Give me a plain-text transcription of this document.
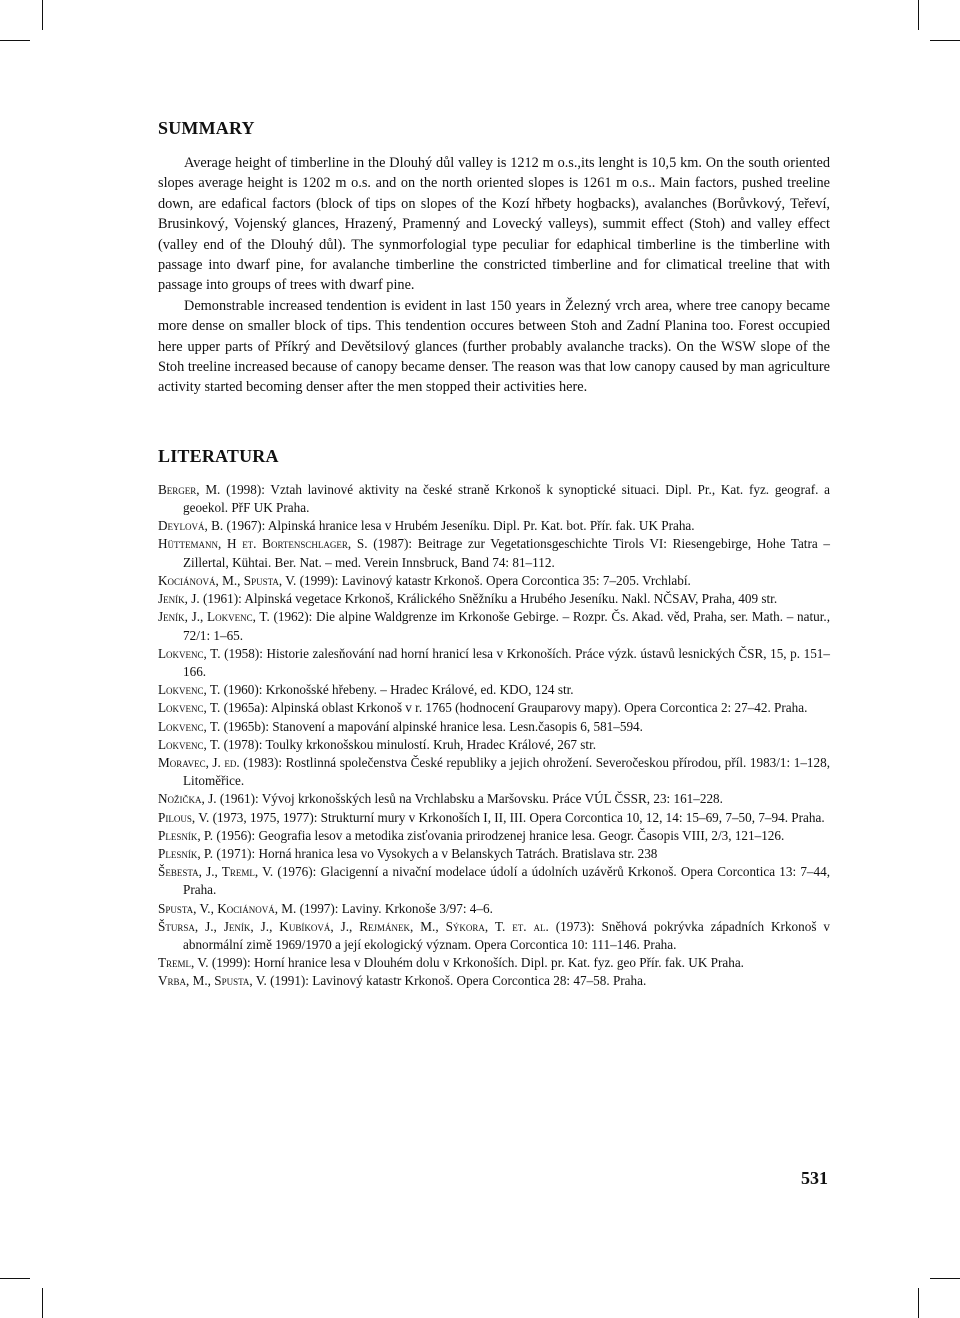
SUMMARY

Average height of timberline in the Dlouhý důl valley is 1212 m o.s.,its lenght is 10,5 km. On the south oriented slopes average height is 1202 m o.s. and on the north oriented slopes is 1261 m o.s.. Main factors, pushed treeline down, are edafical factors (block of tips on slopes of the Kozí hřbety hogbacks), avalanches (Borůvkový, Teřeví, Brusinkový, Vojenský glances, Hrazený, Pramenný and Lovecký valleys), summit effect (Stoh) and valley effect (valley end of the Dlouhý důl). The synmorfologial type peculiar for edaphical timberline is the timberline with passage into dwarf pine, for avalanche timberline the constricted timberline and for climatical treeline that with passage into groups of trees with dwarf pine.

Demonstrable increased tendention is evident in last 150 years in Železný vrch area, where tree canopy became more dense on smaller block of tips. This tendention occures between Stoh and Zadní Planina too. Forest occupied here upper parts of Příkrý and Devětsilový glances (further probably avalanche tracks). On the WSW slope of the Stoh treeline increased because of canopy became denser. The reason was that low canopy caused by man agriculture activity started becoming denser after the men stopped their activities here.

LITERATURA

Berger, M. (1998): Vztah lavinové aktivity na české straně Krkonoš k synoptické situaci. Dipl. Pr., Kat. fyz. geograf. a geoekol. PřF UK Praha.

Deylová, B. (1967): Alpinská hranice lesa v Hrubém Jeseníku. Dipl. Pr. Kat. bot. Přír. fak. UK Praha.

Hüttemann, H et. Bortenschlager, S. (1987): Beitrage zur Vegetationsgeschichte Tirols VI: Riesengebirge, Hohe Tatra – Zillertal, Kühtai. Ber. Nat. – med. Verein Innsbruck, Band 74: 81–112.

Kociánová, M., Spusta, V. (1999): Lavinový katastr Krkonoš. Opera Corcontica 35: 7–205. Vrchlabí.

Jeník, J. (1961): Alpinská vegetace Krkonoš, Králického Sněžníku a Hrubého Jeseníku. Nakl. NČSAV, Praha, 409 str.

Jeník, J., Lokvenc, T. (1962): Die alpine Waldgrenze im Krkonoše Gebirge. – Rozpr. Čs. Akad. věd, Praha, ser. Math. – natur., 72/1: 1–65.

Lokvenc, T. (1958): Historie zalesňování nad horní hranicí lesa v Krkonoších. Práce výzk. ústavů lesnických ČSR, 15, p. 151–166.

Lokvenc, T. (1960): Krkonošské hřebeny. – Hradec Králové, ed. KDO, 124 str.

Lokvenc, T. (1965a): Alpinská oblast Krkonoš v r. 1765 (hodnocení Grauparovy mapy). Opera Corcontica 2: 27–42. Praha.

Lokvenc, T. (1965b): Stanovení a mapování alpinské hranice lesa. Lesn.časopis 6, 581–594.

Lokvenc, T. (1978): Toulky krkonošskou minulostí. Kruh, Hradec Králové, 267 str.

Moravec, J. ed. (1983): Rostlinná společenstva České republiky a jejich ohrožení. Severočeskou přírodou, příl. 1983/1: 1–128, Litoměřice.

Nožička, J. (1961): Vývoj krkonošských lesů na Vrchlabsku a Maršovsku. Práce VÚL ČSSR, 23: 161–228.

Pilous, V. (1973, 1975, 1977): Strukturní mury v Krkonoších I, II, III. Opera Corcontica 10, 12, 14: 15–69, 7–50, 7–94. Praha.

Plesník, P. (1956): Geografia lesov a metodika zisťovania prirodzenej hranice lesa. Geogr. Časopis VIII, 2/3, 121–126.

Plesník, P. (1971): Horná hranica lesa vo Vysokych a v Belanskych Tatrách. Bratislava str. 238

Šebesta, J., Treml, V. (1976): Glacigenní a nivační modelace údolí a údolních uzávěrů Krkonoš. Opera Corcontica 13: 7–44, Praha.

Spusta, V., Kociánová, M. (1997): Laviny. Krkonoše 3/97: 4–6.

Štursa, J., Jeník, J., Kubíková, J., Rejmánek, M., Sýkora, T. et. al. (1973): Sněhová pokrývka západních Krkonoš v abnormální zimě 1969/1970 a její ekologický význam. Opera Corcontica 10: 111–146. Praha.

Treml, V. (1999): Horní hranice lesa v Dlouhém dolu v Krkonoších. Dipl. pr. Kat. fyz. geo Přír. fak. UK Praha.

Vrba, M., Spusta, V. (1991): Lavinový katastr Krkonoš. Opera Corcontica 28: 47–58. Praha.

531
